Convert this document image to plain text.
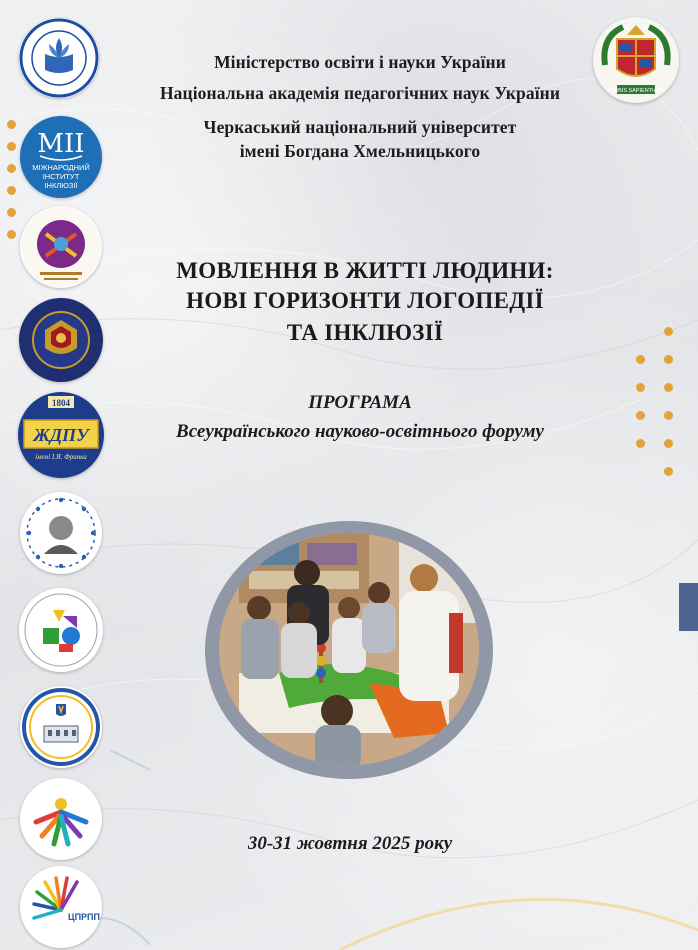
Міністерство освіти і науки України
Національна академія педагогічних наук України
Черкаський національний університет
імені Богдана Хмельницького
МОВЛЕННЯ В ЖИТТІ ЛЮДИНИ:
НОВІ ГОРИЗОНТИ ЛОГОПЕДІЇ
ТА ІНКЛЮЗІЇ
ПРОГРАМА
Всеукраїнського науково-освітнього форуму
30-31 жовтня 2025 року
VOBIS SAPIENTIAM
MII
МІЖНАРОДНИЙ
ІНСТИТУТ
ІНКЛЮЗІЇ
1804
ЖДПУ
імені І.Я. Франка
ЦПРПП
